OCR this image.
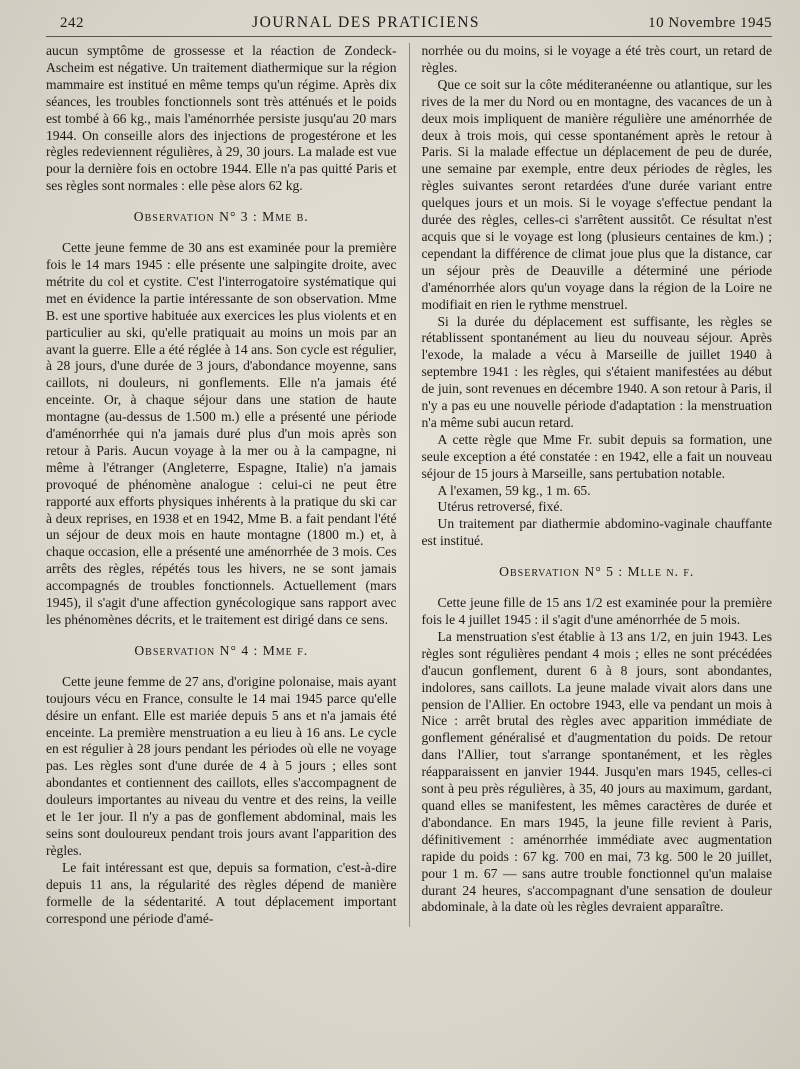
242	JOURNAL DES PRATICIENS	10 Novembre 1945

aucun symptôme de grossesse et la réaction de Zondeck-Ascheim est négative. Un traitement diathermique sur la région mammaire est institué en même temps qu'un régime. Après dix séances, les troubles fonctionnels sont très atténués et le poids est tombé à 66 kg., mais l'aménorrhée persiste jusqu'au 20 mars 1944. On conseille alors des injections de progestérone et les règles redeviennent régulières, à 29, 30 jours. La malade est vue pour la dernière fois en octobre 1944. Elle n'a pas quitté Paris et ses règles sont normales : elle pèse alors 62 kg.

Observation N° 3 : Mme b.

Cette jeune femme de 30 ans est examinée pour la première fois le 14 mars 1945 : elle présente une salpingite droite, avec métrite du col et cystite. C'est l'interrogatoire systématique qui met en évidence la partie intéressante de son observation. Mme B. est une sportive habituée aux exercices les plus violents et en particulier au ski, qu'elle pratiquait au moins un mois par an avant la guerre. Elle a été réglée à 14 ans. Son cycle est régulier, à 28 jours, d'une durée de 3 jours, d'abondance moyenne, sans caillots, ni douleurs, ni gonflements. Elle n'a jamais été enceinte. Or, à chaque séjour dans une station de haute montagne (au-dessus de 1.500 m.) elle a présenté une période d'aménorrhée qui n'a jamais duré plus d'un mois après son retour à Paris. Aucun voyage à la mer ou à la campagne, ni même à l'étranger (Angleterre, Espagne, Italie) n'a jamais provoqué de phénomène analogue : celui-ci ne peut être rapporté aux efforts physiques inhérents à la pratique du ski car à deux reprises, en 1938 et en 1942, Mme B. a fait pendant l'été un séjour de deux mois en haute montagne (1800 m.) et, à chaque occasion, elle a présenté une aménorrhée de 3 mois. Ces arrêts des règles, répétés tous les hivers, ne se sont jamais accompagnés de troubles fonctionnels. Actuellement (mars 1945), il s'agit d'une affection gynécologique sans rapport avec les phénomènes décrits, et le traitement est dirigé dans ce sens.

Observation N° 4 : Mme f.

Cette jeune femme de 27 ans, d'origine polonaise, mais ayant toujours vécu en France, consulte le 14 mai 1945 parce qu'elle désire un enfant. Elle est mariée depuis 5 ans et n'a jamais été enceinte. La première menstruation a eu lieu à 16 ans. Le cycle en est régulier à 28 jours pendant les périodes où elle ne voyage pas. Les règles sont d'une durée de 4 à 5 jours ; elles sont abondantes et contiennent des caillots, elles s'accompagnent de douleurs importantes au niveau du ventre et des reins, la veille et le 1er jour. Il n'y a pas de gonflement abdominal, mais les seins sont douloureux pendant trois jours avant l'apparition des règles.

Le fait intéressant est que, depuis sa formation, c'est-à-dire depuis 11 ans, la régularité des règles dépend de manière formelle de la sédentarité. A tout déplacement important correspond une période d'amé-

norrhée ou du moins, si le voyage a été très court, un retard de règles.

Que ce soit sur la côte méditeranéenne ou atlantique, sur les rives de la mer du Nord ou en montagne, des vacances de un à deux mois impliquent de manière régulière une aménorrhée de deux à trois mois, qui cesse spontanément après le retour à Paris. Si la malade effectue un déplacement de peu de durée, une semaine par exemple, entre deux périodes de règles, les règles suivantes seront retardées d'une durée variant entre quelques jours et un mois. Si le voyage s'effectue pendant la durée des règles, celles-ci s'arrêtent aussitôt. Ce résultat n'est acquis que si le voyage est long (plusieurs centaines de km.) ; cependant la différence de climat joue plus que la distance, car un séjour près de Deauville a déterminé une période d'aménorrhée alors qu'un voyage dans la région de la Loire ne modifiait en rien le rythme menstruel.

Si la durée du déplacement est suffisante, les règles se rétablissent spontanément au lieu du nouveau séjour. Après l'exode, la malade a vécu à Marseille de juillet 1940 à septembre 1941 : les règles, qui s'étaient manifestées au début de juin, sont revenues en décembre 1940. A son retour à Paris, il n'y a pas eu une nouvelle période d'adaptation : la menstruation n'a même subi aucun retard.

A cette règle que Mme Fr. subit depuis sa formation, une seule exception a été constatée : en 1942, elle a fait un nouveau séjour de 15 jours à Marseille, sans pertubation notable.

A l'examen, 59 kg., 1 m. 65.

Utérus retroversé, fixé.

Un traitement par diathermie abdomino-vaginale chauffante est institué.

Observation N° 5 : Mlle n. f.

Cette jeune fille de 15 ans 1/2 est examinée pour la première fois le 4 juillet 1945 : il s'agit d'une aménorrhée de 5 mois.

La menstruation s'est établie à 13 ans 1/2, en juin 1943. Les règles sont régulières pendant 4 mois ; elles ne sont précédées d'aucun gonflement, durent 6 à 8 jours, sont abondantes, indolores, sans caillots. La jeune malade vivait alors dans une pension de l'Allier. En octobre 1943, elle va pendant un mois à Nice : arrêt brutal des règles avec apparition immédiate de gonflement généralisé et d'augmentation du poids. De retour dans l'Allier, tout s'arrange spontanément, et les règles réapparaissent en janvier 1944. Jusqu'en mars 1945, celles-ci sont à peu près régulières, à 35, 40 jours au maximum, gardant, quand elles se manifestent, les mêmes caractères de durée et d'abondance. En mars 1945, la jeune fille revient à Paris, définitivement : aménorrhée immédiate avec augmentation rapide du poids : 67 kg. 700 en mai, 73 kg. 500 le 20 juillet, pour 1 m. 67 — sans autre trouble fonctionnel qu'un malaise durant 24 heures, s'accompagnant d'une sensation de douleur abdominale, à la date où les règles devraient apparaître.
